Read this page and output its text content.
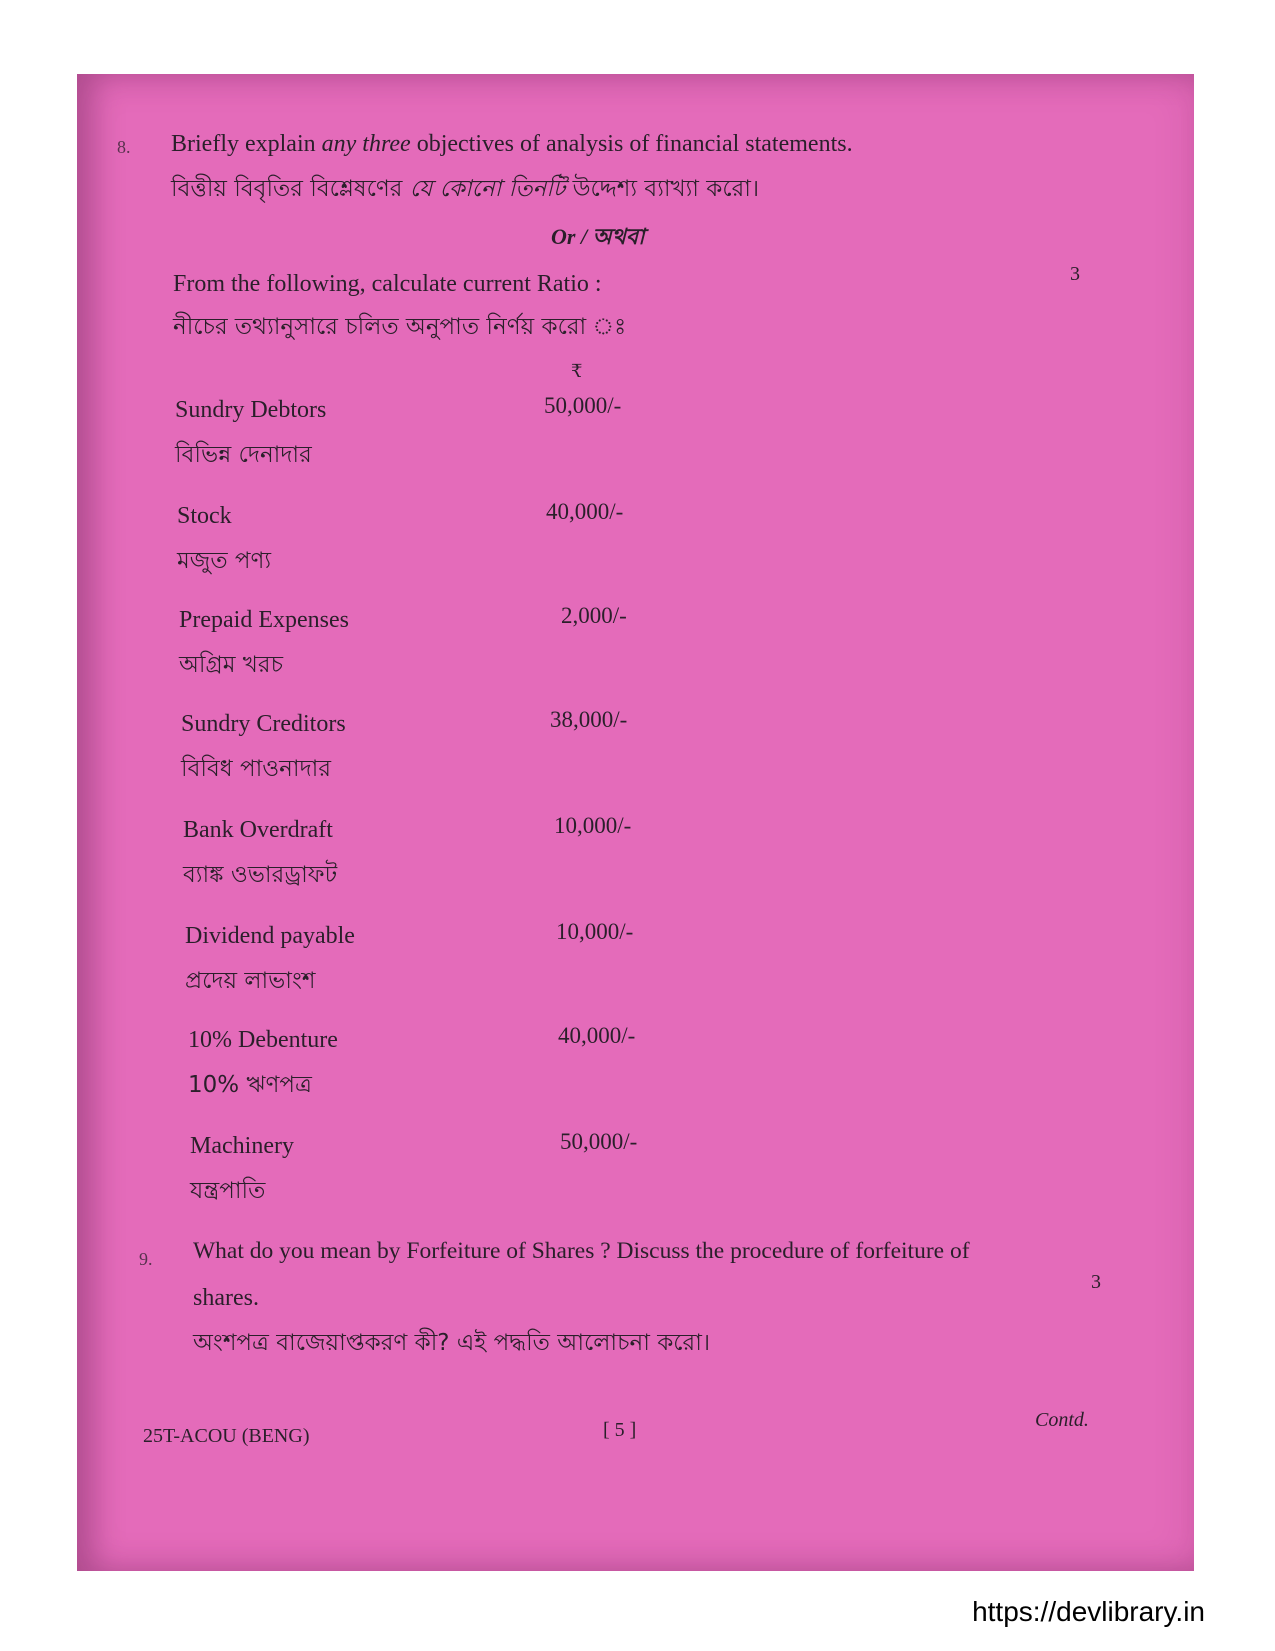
8. Briefly explain any three objectives of analysis of financial statements.
বিত্তীয় বিবৃতির বিশ্লেষণের যে কোনো তিনটি উদ্দেশ্য ব্যাখ্যা করো।
Or / অথবা
From the following, calculate current Ratio :	3
নীচের তথ্যানুসারে চলিত অনুপাত নির্ণয় করো ঃ
₹
Sundry Debtors	50,000/-
বিভিন্ন দেনাদার
Stock	40,000/-
মজুত পণ্য
Prepaid Expenses	2,000/-
অগ্রিম খরচ
Sundry Creditors	38,000/-
বিবিধ পাওনাদার
Bank Overdraft	10,000/-
ব্যাঙ্ক ওভারড্রাফট
Dividend payable	10,000/-
প্রদেয় লাভাংশ
10% Debenture	40,000/-
10% ঋণপত্র
Machinery	50,000/-
যন্ত্রপাতি
9. What do you mean by Forfeiture of Shares ? Discuss the procedure of forfeiture of
shares.
3
অংশপত্র বাজেয়াপ্তকরণ কী? এই পদ্ধতি আলোচনা করো।
25T-ACOU (BENG)	[ 5 ]	Contd.
https://devlibrary.in
